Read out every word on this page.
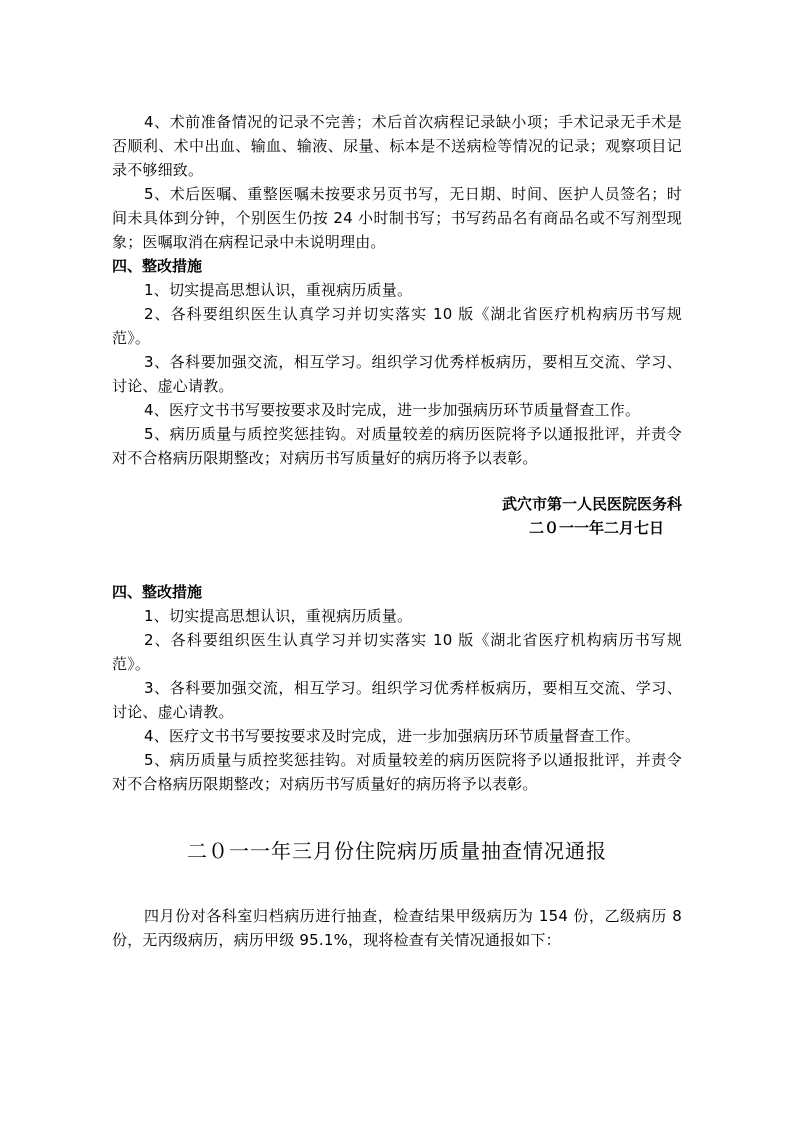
4、术前准备情况的记录不完善；术后首次病程记录缺小项；手术记录无手术是否顺利、术中出血、输血、输液、尿量、标本是不送病检等情况的记录；观察项目记录不够细致。

5、术后医嘱、重整医嘱未按要求另页书写，无日期、时间、医护人员签名；时间未具体到分钟，个别医生仍按 24 小时制书写；书写药品名有商品名或不写剂型现象；医嘱取消在病程记录中未说明理由。

四、整改措施

1、切实提高思想认识，重视病历质量。

2、各科要组织医生认真学习并切实落实 10 版《湖北省医疗机构病历书写规范》。

3、各科要加强交流，相互学习。组织学习优秀样板病历，要相互交流、学习、讨论、虚心请教。

4、医疗文书书写要按要求及时完成，进一步加强病历环节质量督查工作。

5、病历质量与质控奖惩挂钩。对质量较差的病历医院将予以通报批评，并责令对不合格病历限期整改；对病历书写质量好的病历将予以表彰。

武穴市第一人民医院医务科

二０一一年二月七日

四、整改措施

1、切实提高思想认识，重视病历质量。

2、各科要组织医生认真学习并切实落实 10 版《湖北省医疗机构病历书写规范》。

3、各科要加强交流，相互学习。组织学习优秀样板病历，要相互交流、学习、讨论、虚心请教。

4、医疗文书书写要按要求及时完成，进一步加强病历环节质量督查工作。

5、病历质量与质控奖惩挂钩。对质量较差的病历医院将予以通报批评，并责令对不合格病历限期整改；对病历书写质量好的病历将予以表彰。

二０一一年三月份住院病历质量抽查情况通报

四月份对各科室归档病历进行抽查，检查结果甲级病历为 154 份，乙级病历 8 份，无丙级病历，病历甲级 95.1%，现将检查有关情况通报如下：
